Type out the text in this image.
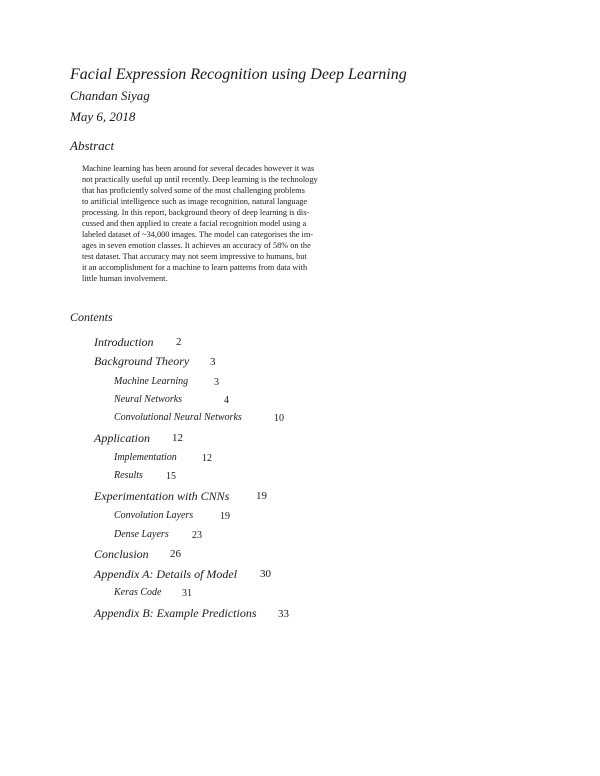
Facial Expression Recognition using Deep Learning
Chandan Siyag
May 6, 2018
Abstract
Machine learning has been around for several decades however it was
not practically useful up until recently. Deep learning is the technology
that has proficiently solved some of the most challenging problems
to artificial intelligence such as image recognition, natural language
processing. In this report, background theory of deep learning is dis-
cussed and then applied to create a facial recognition model using a
labeled dataset of ~34,000 images. The model can categorises the im-
ages in seven emotion classes. It achieves an accuracy of 58% on the
test dataset. That accuracy may not seem impressive to humans, but
it an accomplishment for a machine to learn patterns from data with
little human involvement.
Contents
Introduction 2
Background Theory 3
Machine Learning	3
Neural Networks	4
Convolutional Neural Networks	10
Application 12
Implementation	12
Results 15
Experimentation with CNNs 19
Convolution Layers	19
Dense Layers 23
Conclusion 26
Appendix A: Details of Model 30
Keras Code 31
Appendix B: Example Predictions 33
